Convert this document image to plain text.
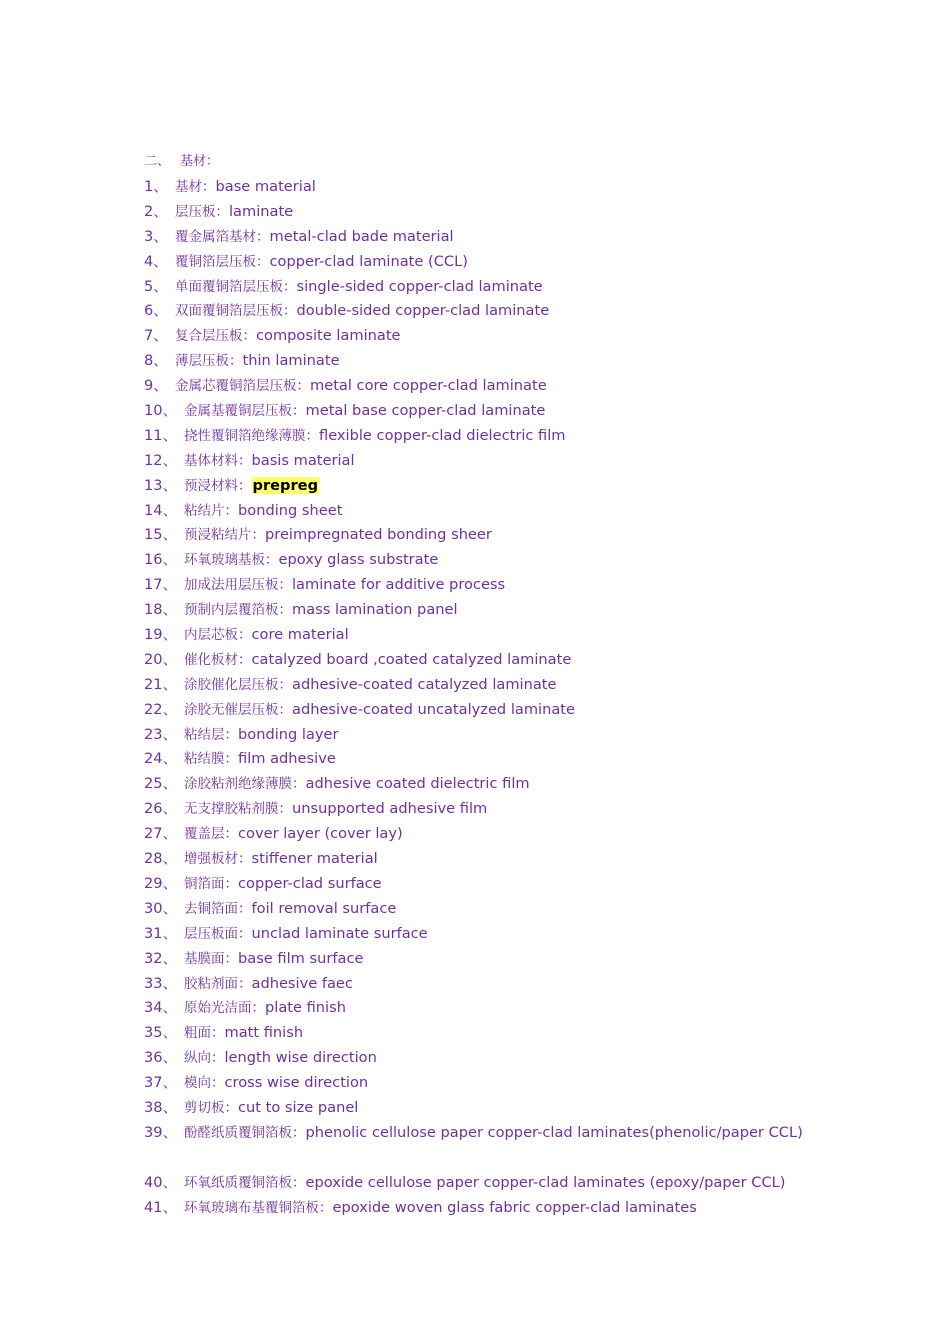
二、 基材：
1、 基材：base material
2、 层压板：laminate
3、 覆金属箔基材：metal-clad bade material
4、 覆铜箔层压板：copper-clad laminate (CCL)
5、 单面覆铜箔层压板：single-sided copper-clad laminate
6、 双面覆铜箔层压板：double-sided copper-clad laminate
7、 复合层压板：composite laminate
8、 薄层压板：thin laminate
9、 金属芯覆铜箔层压板：metal core copper-clad laminate
10、 金属基覆铜层压板：metal base copper-clad laminate
11、 挠性覆铜箔绝缘薄膜：flexible copper-clad dielectric film
12、 基体材料：basis material
13、 预浸材料：prepreg
14、 粘结片：bonding sheet
15、 预浸粘结片：preimpregnated bonding sheer
16、 环氧玻璃基板：epoxy glass substrate
17、 加成法用层压板：laminate for additive process
18、 预制内层覆箔板：mass lamination panel
19、 内层芯板：core material
20、 催化板材：catalyzed board ,coated catalyzed laminate
21、 涂胶催化层压板：adhesive-coated catalyzed laminate
22、 涂胶无催层压板：adhesive-coated uncatalyzed laminate
23、 粘结层：bonding layer
24、 粘结膜：film adhesive
25、 涂胶粘剂绝缘薄膜：adhesive coated dielectric film
26、 无支撑胶粘剂膜：unsupported adhesive film
27、 覆盖层：cover layer (cover lay)
28、 增强板材：stiffener material
29、 铜箔面：copper-clad surface
30、 去铜箔面：foil removal surface
31、 层压板面：unclad laminate surface
32、 基膜面：base film surface
33、 胶粘剂面：adhesive faec
34、 原始光洁面：plate finish
35、 粗面：matt finish
36、 纵向：length wise direction
37、 模向：cross wise direction
38、 剪切板：cut to size panel
39、 酚醛纸质覆铜箔板：phenolic cellulose paper copper-clad laminates(phenolic/paper CCL)
40、 环氧纸质覆铜箔板：epoxide cellulose paper copper-clad laminates (epoxy/paper CCL)
41、 环氧玻璃布基覆铜箔板：epoxide woven glass fabric copper-clad laminates
